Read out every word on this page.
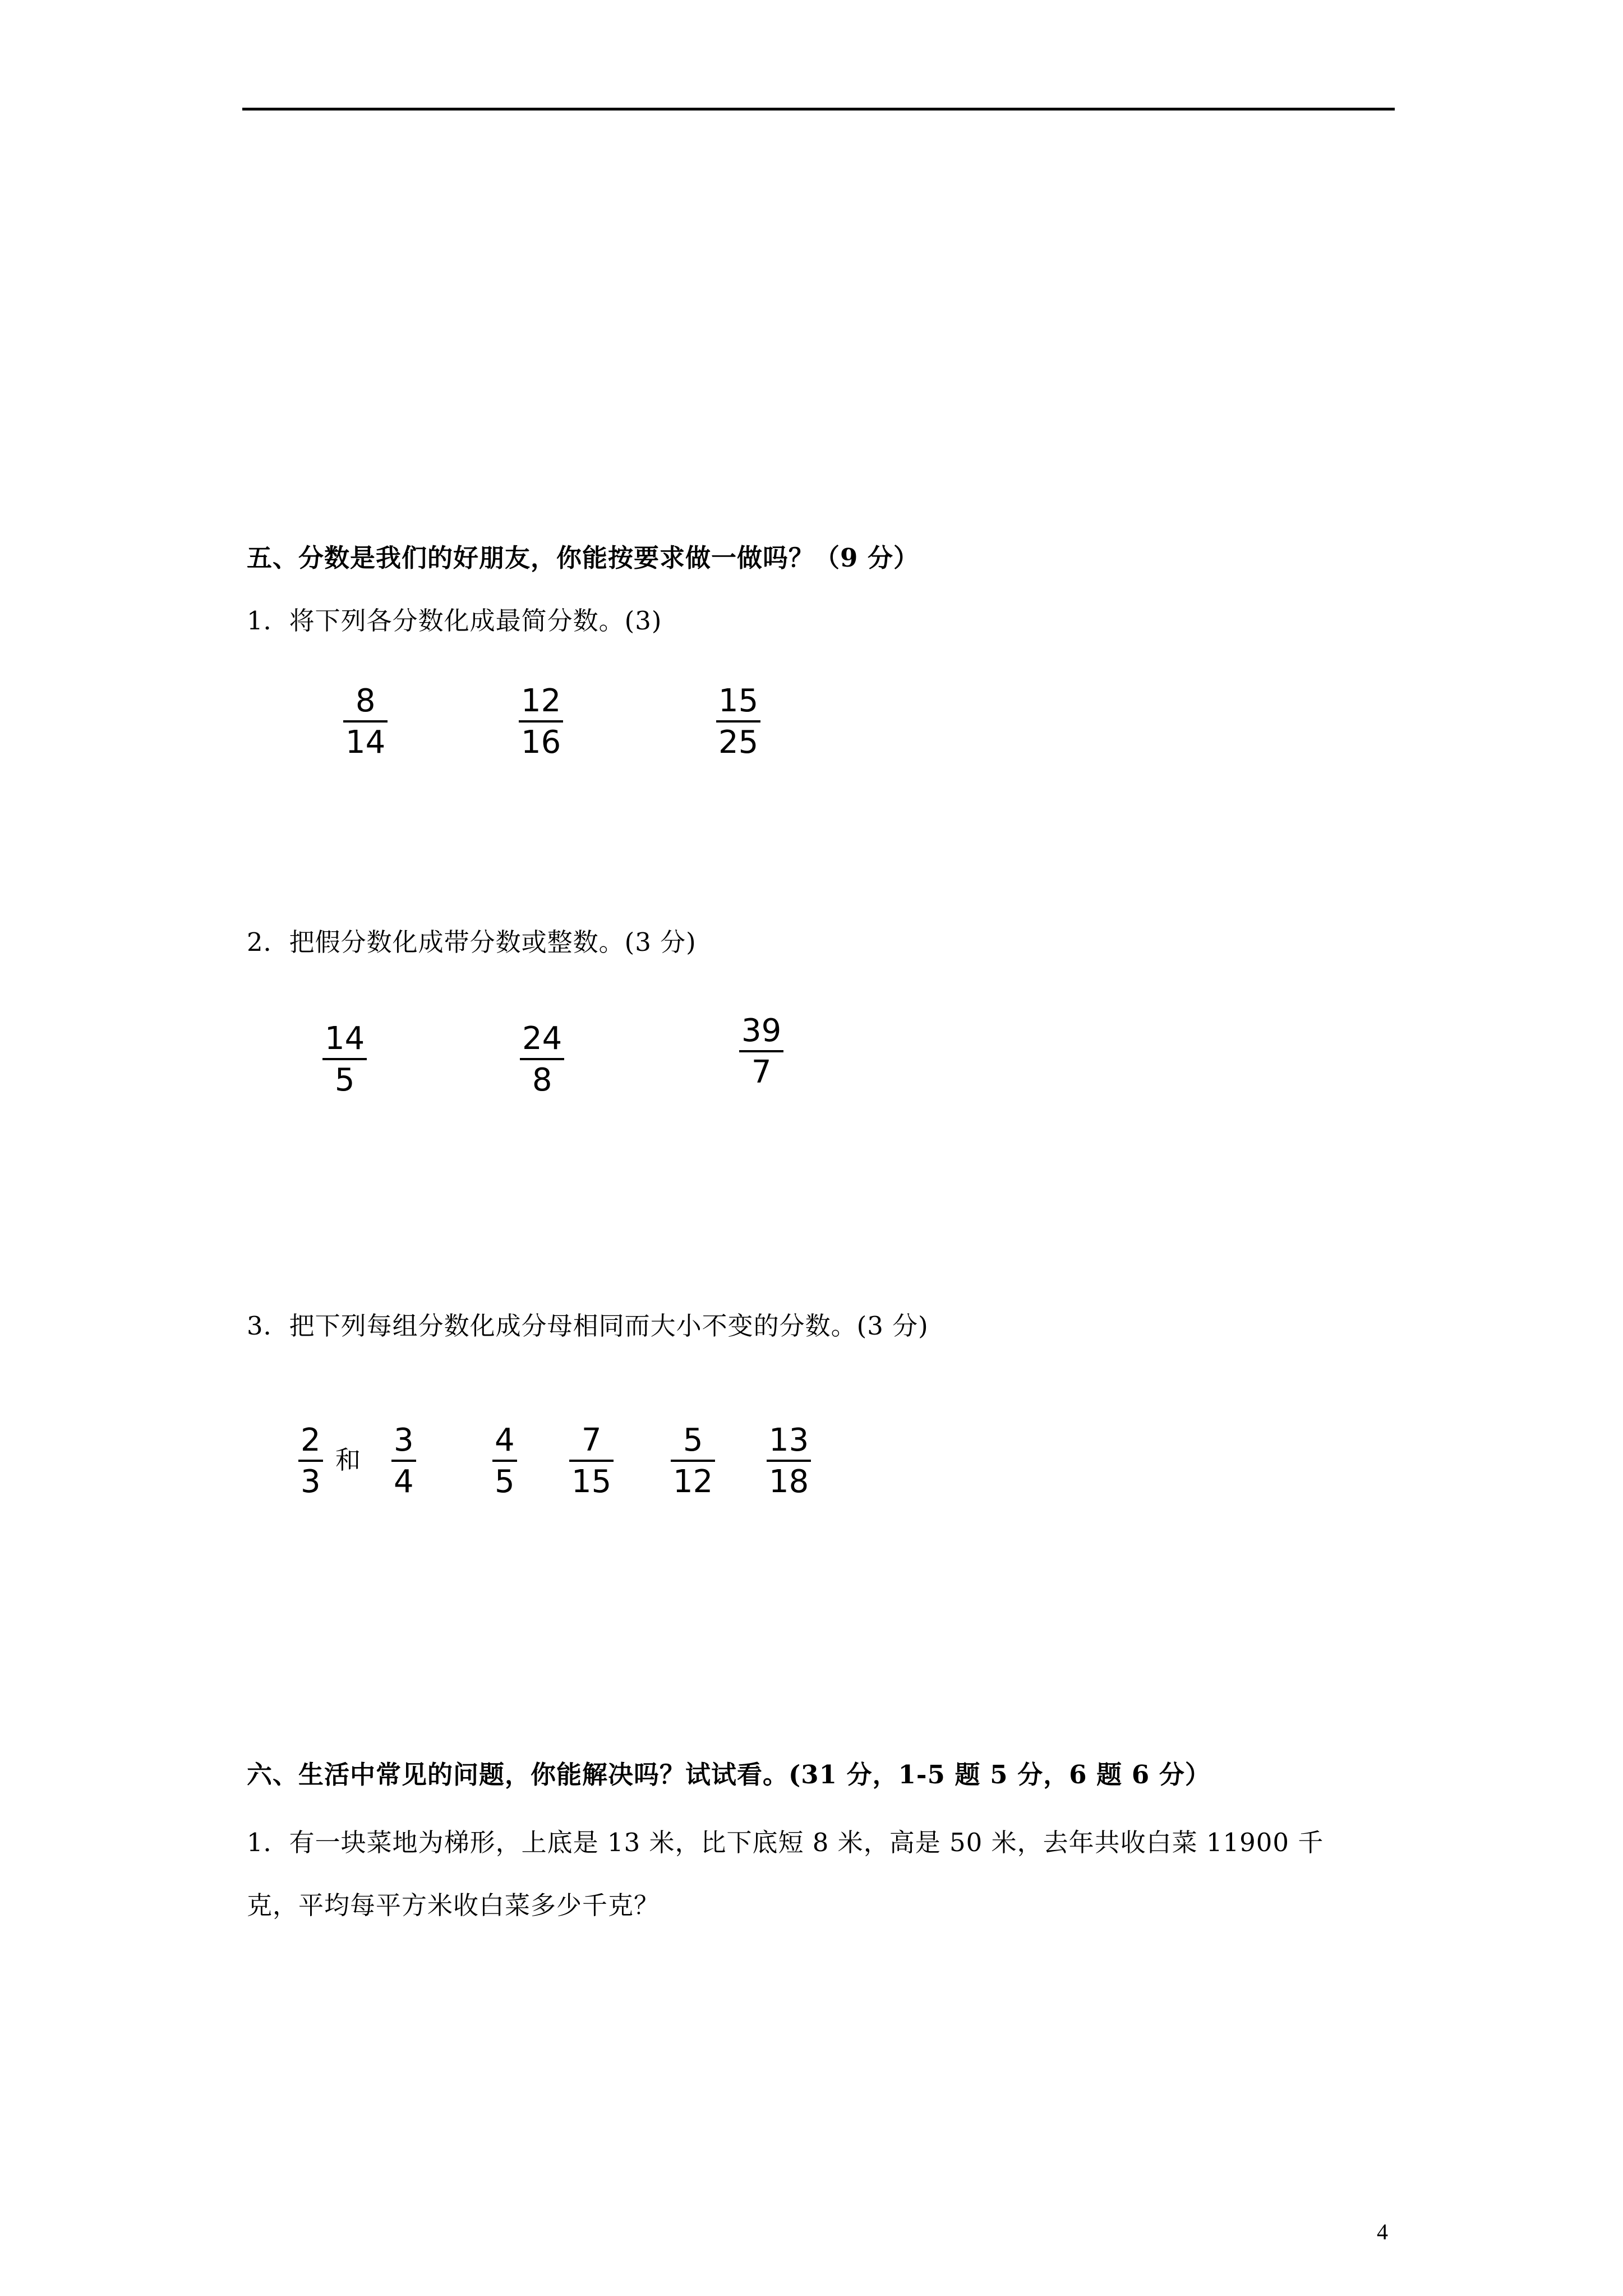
五、分数是我们的好朋友，你能按要求做一做吗？（9 分）
1．将下列各分数化成最简分数。(3)
8
14
12
16
15
25
2．把假分数化成带分数或整数。(3 分)
14
5
24
8
39
7
3．把下列每组分数化成分母相同而大小不变的分数。(3 分)
2
3
和
3
4
4
5
7
15
5
12
13
18
六、生活中常见的问题，你能解决吗？试试看。(31 分，1-5 题 5 分，6 题 6 分）
1．有一块菜地为梯形，上底是 13 米，比下底短 8 米，高是 50 米，去年共收白菜 11900 千
克，平均每平方米收白菜多少千克？
4
